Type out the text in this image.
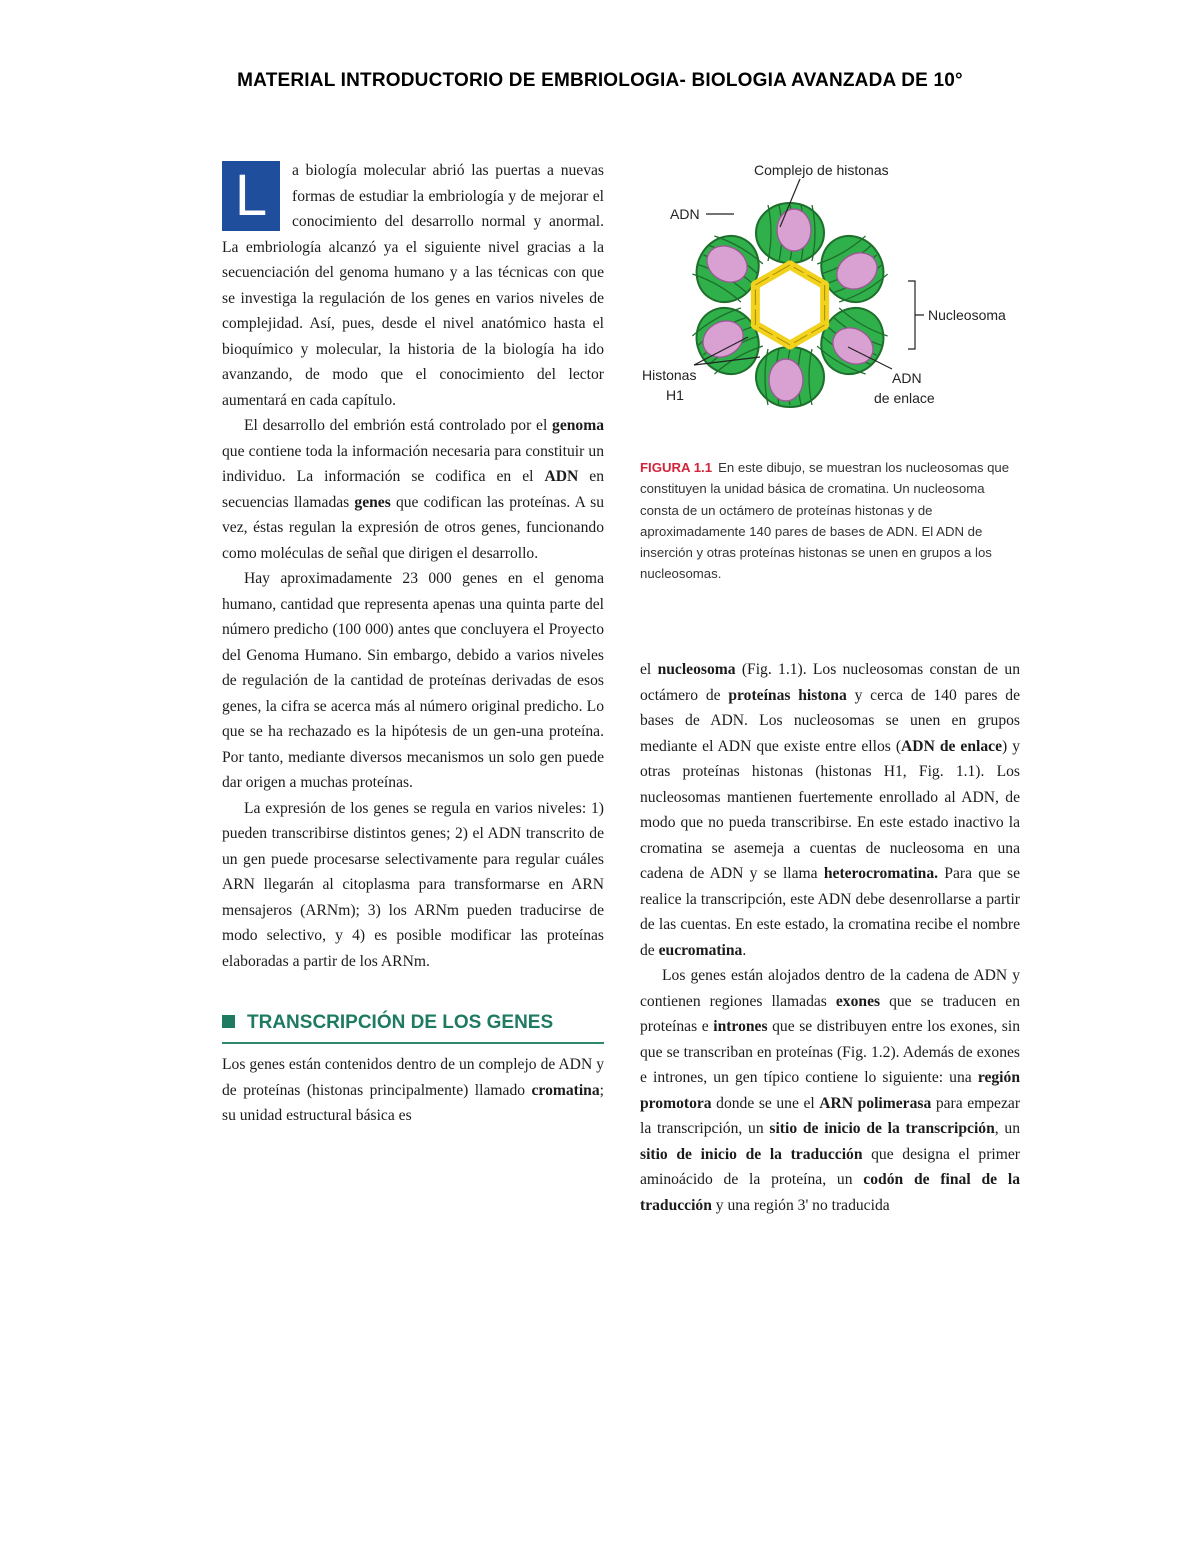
MATERIAL INTRODUCTORIO DE EMBRIOLOGIA- BIOLOGIA AVANZADA DE 10°

L	a biología molecular abrió las puertas a nuevas formas de estudiar la embriología y de mejorar el conocimiento del desarrollo normal y anormal. La embriología alcanzó ya el siguiente nivel gracias a la secuenciación del genoma humano y a las técnicas con que se investiga la regulación de los genes en varios niveles de complejidad. Así, pues, desde el nivel anatómico hasta el bioquímico y molecular, la historia de la biología ha ido avanzando, de modo que el conocimiento del lector aumentará en cada capítulo.

El desarrollo del embrión está controlado por el genoma que contiene toda la información necesaria para constituir un individuo. La información se codifica en el ADN en secuencias llamadas genes que codifican las proteínas. A su vez, éstas regulan la expresión de otros genes, funcionando como moléculas de señal que dirigen el desarrollo.

Hay aproximadamente 23 000 genes en el genoma humano, cantidad que representa apenas una quinta parte del número predicho (100 000) antes que concluyera el Proyecto del Genoma Humano. Sin embargo, debido a varios niveles de regulación de la cantidad de proteínas derivadas de esos genes, la cifra se acerca más al número original predicho. Lo que se ha rechazado es la hipótesis de un gen-una proteína. Por tanto, mediante diversos mecanismos un solo gen puede dar origen a muchas proteínas.

La expresión de los genes se regula en varios niveles: 1) pueden transcribirse distintos genes; 2) el ADN transcrito de un gen puede procesarse selectivamente para regular cuáles ARN llegarán al citoplasma para transformarse en ARN mensajeros (ARNm); 3) los ARNm pueden traducirse de modo selectivo, y 4) es posible modificar las proteínas elaboradas a partir de los ARNm.

TRANSCRIPCIÓN DE LOS GENES

Los genes están contenidos dentro de un complejo de ADN y de proteínas (histonas principalmente) llamado cromatina; su unidad estructural básica es

Complejo de histonas
ADN
Nucleosoma
Histonas
H1
ADN
de enlace
FIGURA 1.1 En este dibujo, se muestran los nucleosomas que constituyen la unidad básica de cromatina. Un nucleosoma consta de un octámero de proteínas histonas y de aproximadamente 140 pares de bases de ADN. El ADN de inserción y otras proteínas histonas se unen en grupos a los nucleosomas.

el nucleosoma (Fig. 1.1). Los nucleosomas constan de un octámero de proteínas histona y cerca de 140 pares de bases de ADN. Los nucleosomas se unen en grupos mediante el ADN que existe entre ellos (ADN de enlace) y otras proteínas histonas (histonas H1, Fig. 1.1). Los nucleosomas mantienen fuertemente enrollado al ADN, de modo que no pueda transcribirse. En este estado inactivo la cromatina se asemeja a cuentas de nucleosoma en una cadena de ADN y se llama heterocromatina. Para que se realice la transcripción, este ADN debe desenrollarse a partir de las cuentas. En este estado, la cromatina recibe el nombre de eucromatina.

Los genes están alojados dentro de la cadena de ADN y contienen regiones llamadas exones que se traducen en proteínas e intrones que se distribuyen entre los exones, sin que se transcriban en proteínas (Fig. 1.2). Además de exones e intrones, un gen típico contiene lo siguiente: una región promotora donde se une el ARN polimerasa para empezar la transcripción, un sitio de inicio de la transcripción, un sitio de inicio de la traducción que designa el primer aminoácido de la proteína, un codón de final de la traducción y una región 3' no traducida
